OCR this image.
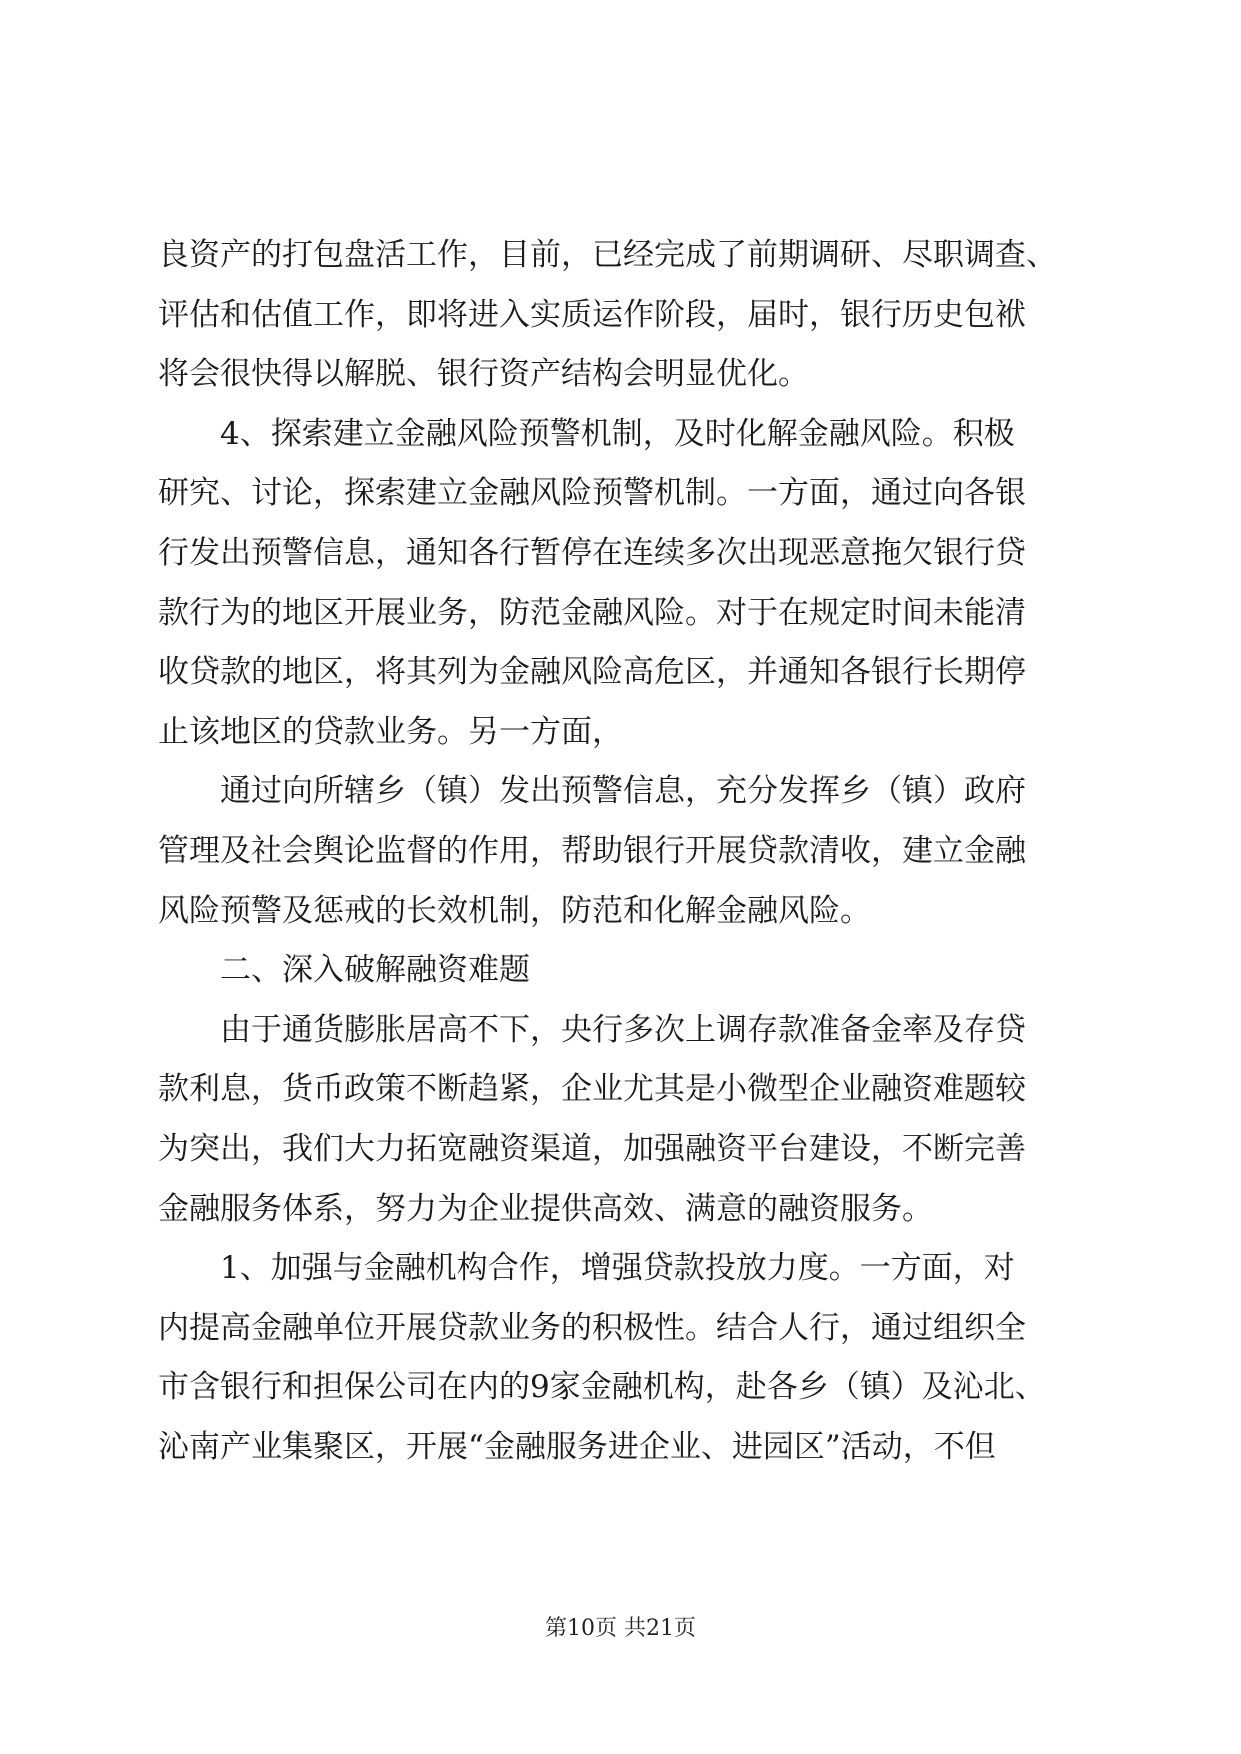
良资产的打包盘活工作，目前，已经完成了前期调研、尽职调查、
评估和估值工作，即将进入实质运作阶段，届时，银行历史包袱
将会很快得以解脱、银行资产结构会明显优化。
　　4、探索建立金融风险预警机制，及时化解金融风险。积极
研究、讨论，探索建立金融风险预警机制。一方面，通过向各银
行发出预警信息，通知各行暂停在连续多次出现恶意拖欠银行贷
款行为的地区开展业务，防范金融风险。对于在规定时间未能清
收贷款的地区，将其列为金融风险高危区，并通知各银行长期停
止该地区的贷款业务。另一方面，
　　通过向所辖乡（镇）发出预警信息，充分发挥乡（镇）政府
管理及社会舆论监督的作用，帮助银行开展贷款清收，建立金融
风险预警及惩戒的长效机制，防范和化解金融风险。
　　二、深入破解融资难题
　　由于通货膨胀居高不下，央行多次上调存款准备金率及存贷
款利息，货币政策不断趋紧，企业尤其是小微型企业融资难题较
为突出，我们大力拓宽融资渠道，加强融资平台建设，不断完善
金融服务体系，努力为企业提供高效、满意的融资服务。
　　1、加强与金融机构合作，增强贷款投放力度。一方面，对
内提高金融单位开展贷款业务的积极性。结合人行，通过组织全
市含银行和担保公司在内的9家金融机构，赴各乡（镇）及沁北、
沁南产业集聚区，开展“金融服务进企业、进园区”活动，不但
第10页 共21页
